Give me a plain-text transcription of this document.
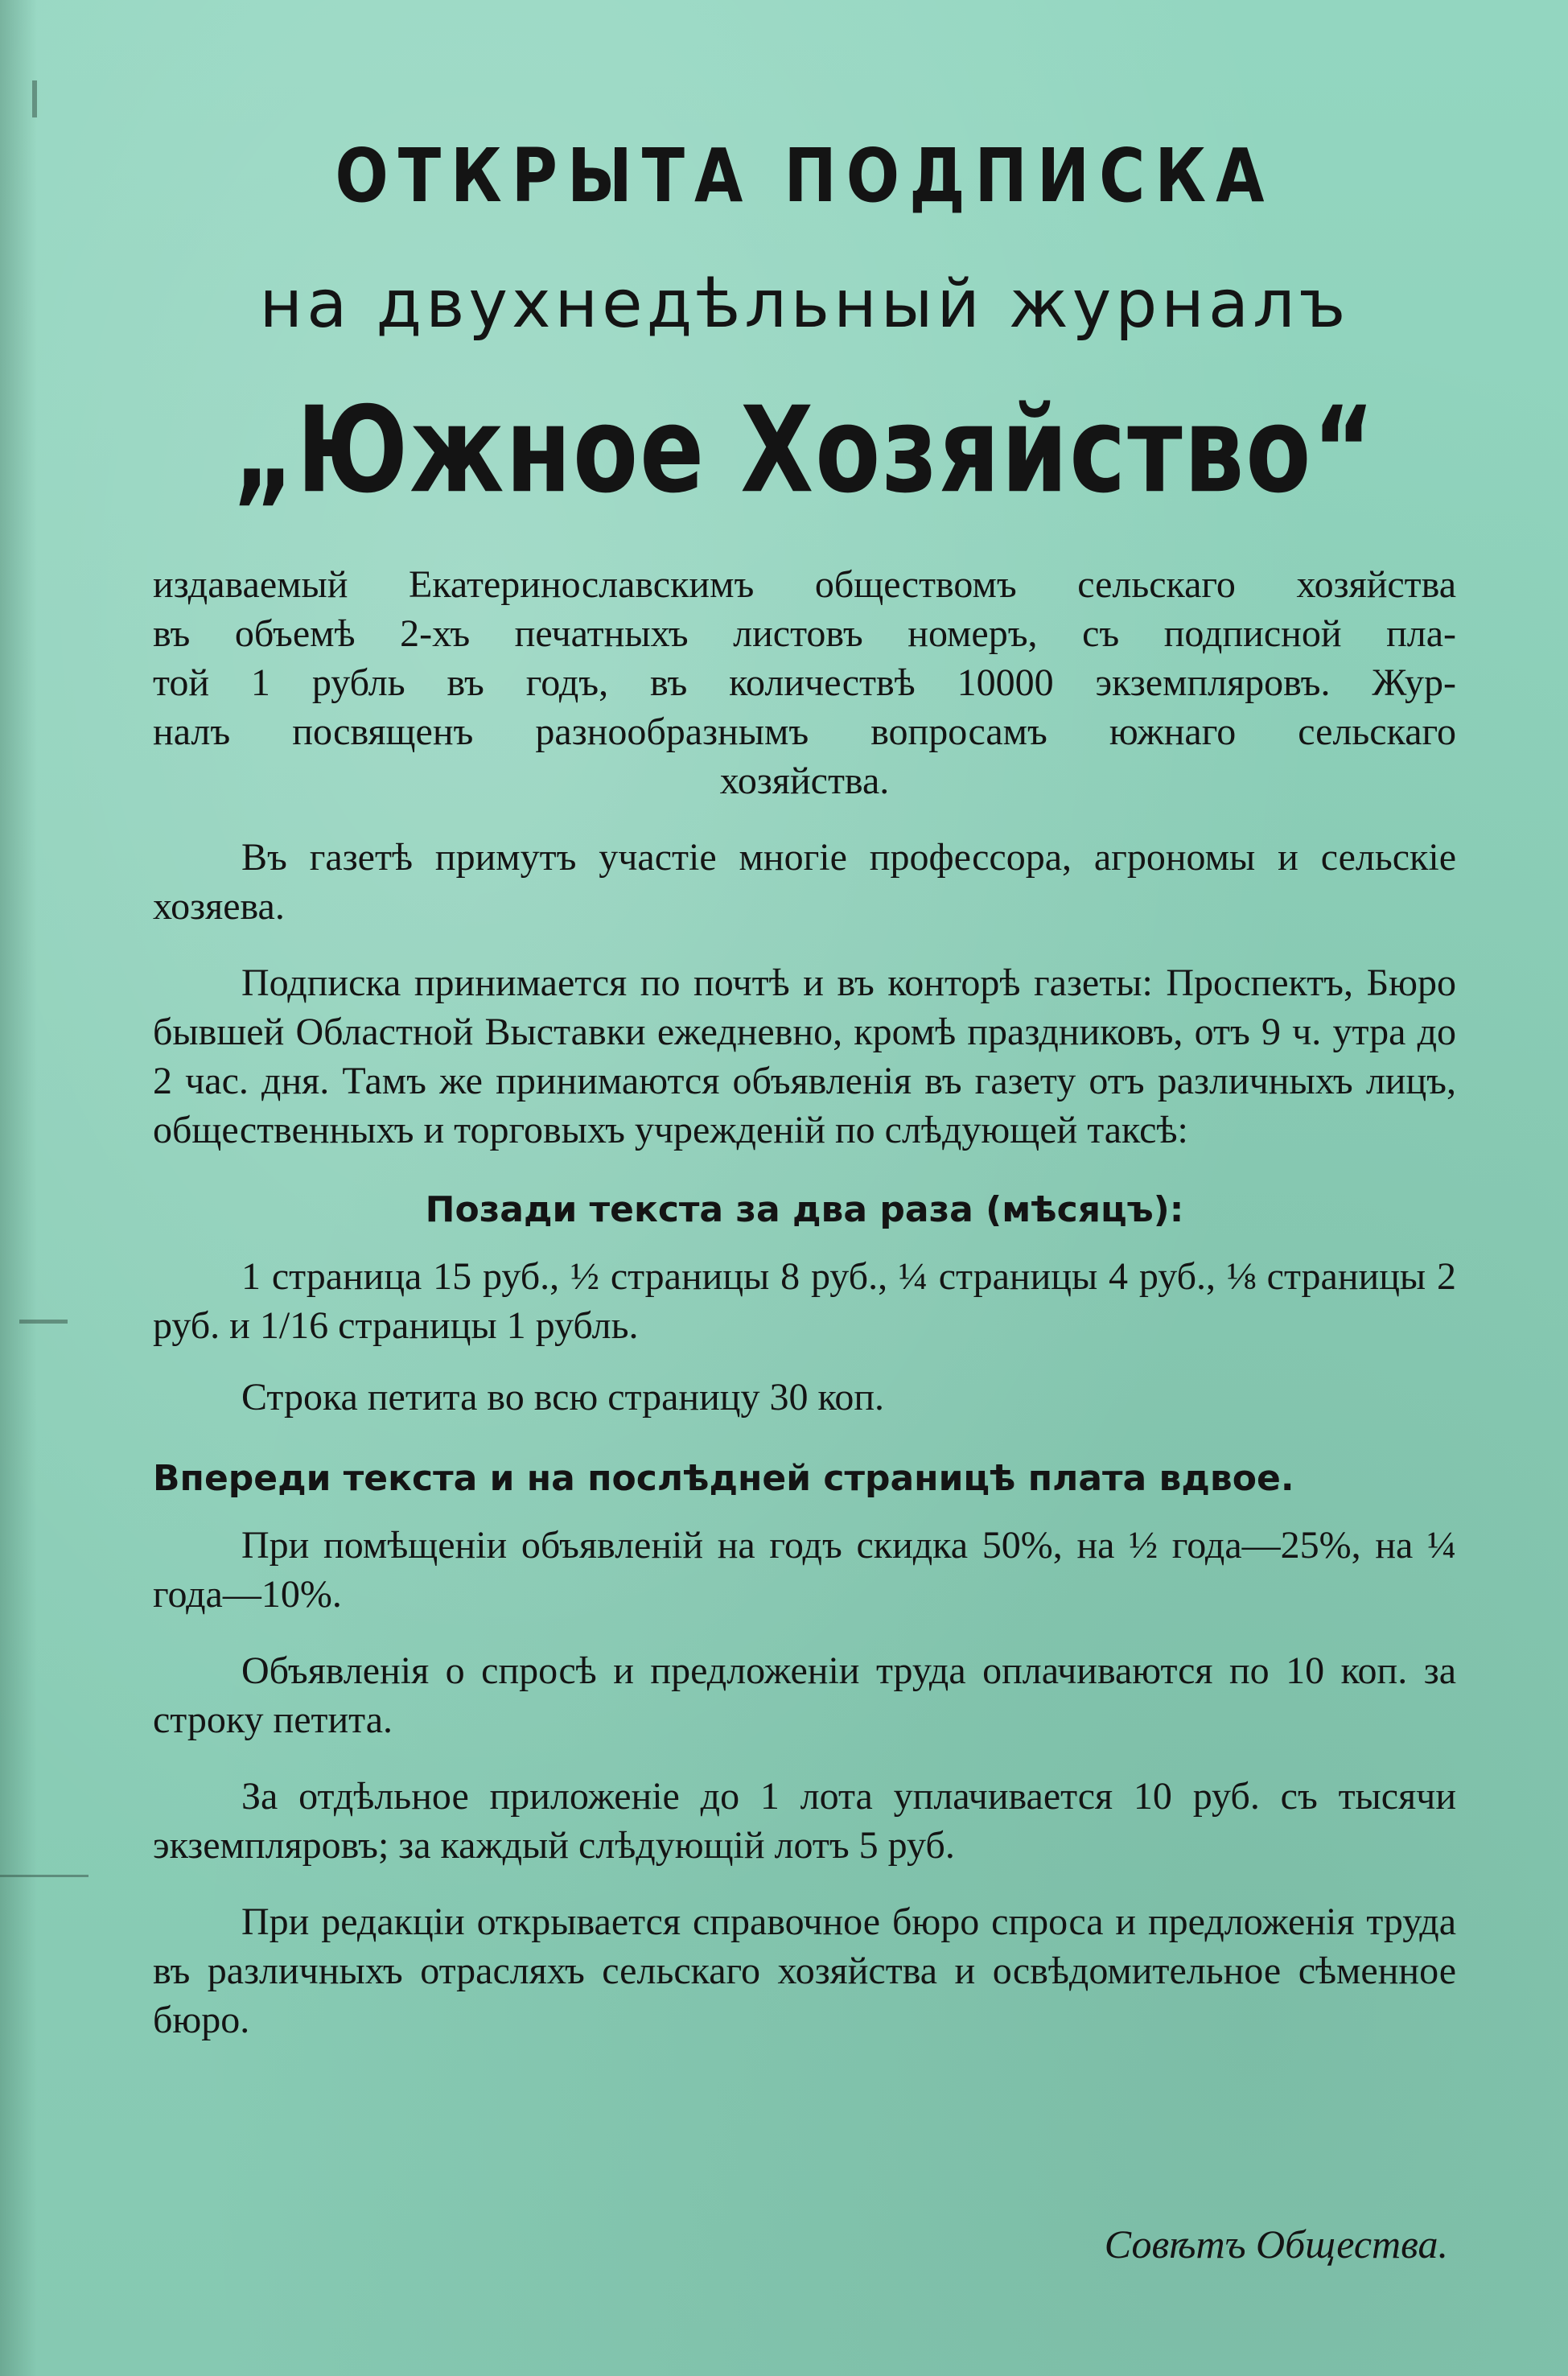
ОТКРЫТА ПОДПИСКА
на двухнедѣльный журналъ
„Южное Хозяйство“
издаваемый Екатеринославскимъ обществомъ сельскаго хозяйства
въ объемѣ 2-хъ печатныхъ листовъ номеръ, съ подписной пла-
той 1 рубль въ годъ, въ количествѣ 10000 экземпляровъ. Жур-
налъ посвященъ разнообразнымъ вопросамъ южнаго сельскаго
хозяйства.

Въ газетѣ примутъ участіе многіе профессора, агрономы и сельскіе хозяева.

Подписка принимается по почтѣ и въ конторѣ газеты: Проспектъ, Бюро бывшей Областной Выставки ежедневно, кромѣ праздниковъ, отъ 9 ч. утра до 2 час. дня. Тамъ же принимаются объявленія въ газету отъ различныхъ лицъ, общественныхъ и торговыхъ учрежденій по слѣдующей таксѣ:

Позади текста за два раза (мѣсяцъ):

1 страница 15 руб., ½ страницы 8 руб., ¼ страницы 4 руб., ⅛ страницы 2 руб. и 1/16 страницы 1 рубль.

Строка петита во всю страницу 30 коп.

Впереди текста и на послѣдней страницѣ плата вдвое.

При помѣщеніи объявленій на годъ скидка 50%, на ½ года—25%, на ¼ года—10%.

Объявленія о спросѣ и предложеніи труда оплачиваются по 10 коп. за строку петита.

За отдѣльное приложеніе до 1 лота уплачивается 10 руб. съ тысячи экземпляровъ; за каждый слѣдующій лотъ 5 руб.

При редакціи открывается справочное бюро спроса и предложенія труда въ различныхъ отрасляхъ сельскаго хозяйства и освѣдомительное сѣменное бюро.

Совѣтъ Общества.
